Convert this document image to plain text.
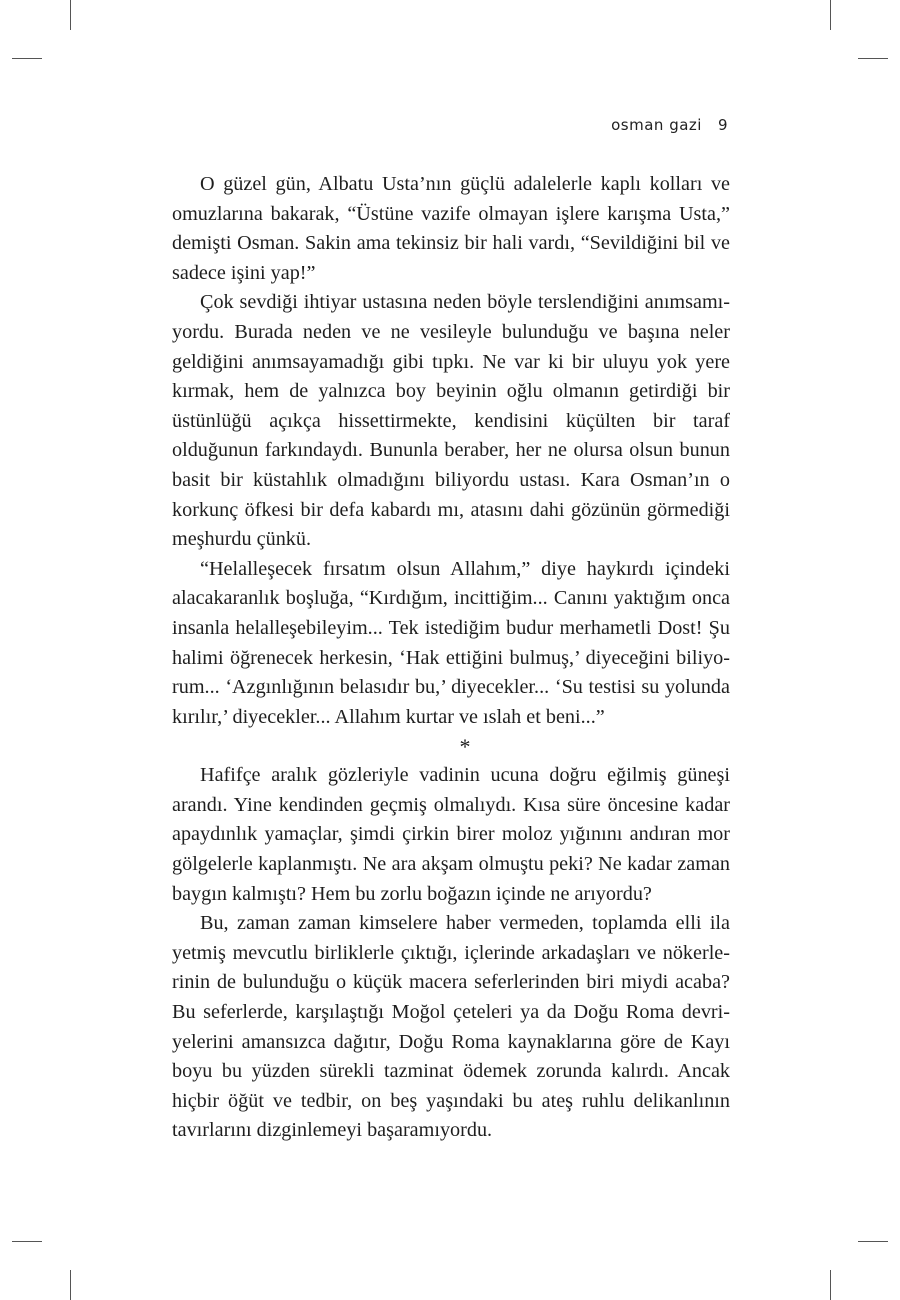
osman gazi 9

O güzel gün, Albatu Usta’nın güçlü adalelerle kaplı kolları ve omuzlarına bakarak, “Üstüne vazife olmayan işlere karışma Usta,” demişti Osman. Sakin ama tekinsiz bir hali vardı, “Sevildiğini bil ve sadece işini yap!”

Çok sevdiği ihtiyar ustasına neden böyle terslendiğini anımsamıyordu. Burada neden ve ne vesileyle bulunduğu ve başına neler geldiğini anımsayamadığı gibi tıpkı. Ne var ki bir uluyu yok yere kırmak, hem de yalnızca boy beyinin oğlu olmanın getirdiği bir üstünlüğü açıkça hissettirmekte, kendisini küçülten bir taraf olduğunun farkındaydı. Bununla beraber, her ne olursa olsun bunun basit bir küstahlık olmadığını biliyordu ustası. Kara Osman’ın o korkunç öfkesi bir defa kabardı mı, atasını dahi gözünün görmediği meşhurdu çünkü.

“Helalleşecek fırsatım olsun Allahım,” diye haykırdı içindeki alacakaranlık boşluğa, “Kırdığım, incittiğim... Canını yaktığım onca insanla helalleşebileyim... Tek istediğim budur merhametli Dost! Şu halimi öğrenecek herkesin, ‘Hak ettiğini bulmuş,’ diyeceğini biliyorum... ‘Azgınlığının belasıdır bu,’ diyecekler... ‘Su testisi su yolunda kırılır,’ diyecekler... Allahım kurtar ve ıslah et beni...”

*

Hafifçe aralık gözleriyle vadinin ucuna doğru eğilmiş güneşi arandı. Yine kendinden geçmiş olmalıydı. Kısa süre öncesine kadar apaydınlık yamaçlar, şimdi çirkin birer moloz yığınını andıran mor gölgelerle kaplanmıştı. Ne ara akşam olmuştu peki? Ne kadar zaman baygın kalmıştı? Hem bu zorlu boğazın içinde ne arıyordu?

Bu, zaman zaman kimselere haber vermeden, toplamda elli ila yetmiş mevcutlu birliklerle çıktığı, içlerinde arkadaşları ve nökerlerinin de bulunduğu o küçük macera seferlerinden biri miydi acaba? Bu seferlerde, karşılaştığı Moğol çeteleri ya da Doğu Roma devriyelerini amansızca dağıtır, Doğu Roma kaynaklarına göre de Kayı boyu bu yüzden sürekli tazminat ödemek zorunda kalırdı. Ancak hiçbir öğüt ve tedbir, on beş yaşındaki bu ateş ruhlu delikanlının tavırlarını dizginlemeyi başaramıyordu.
